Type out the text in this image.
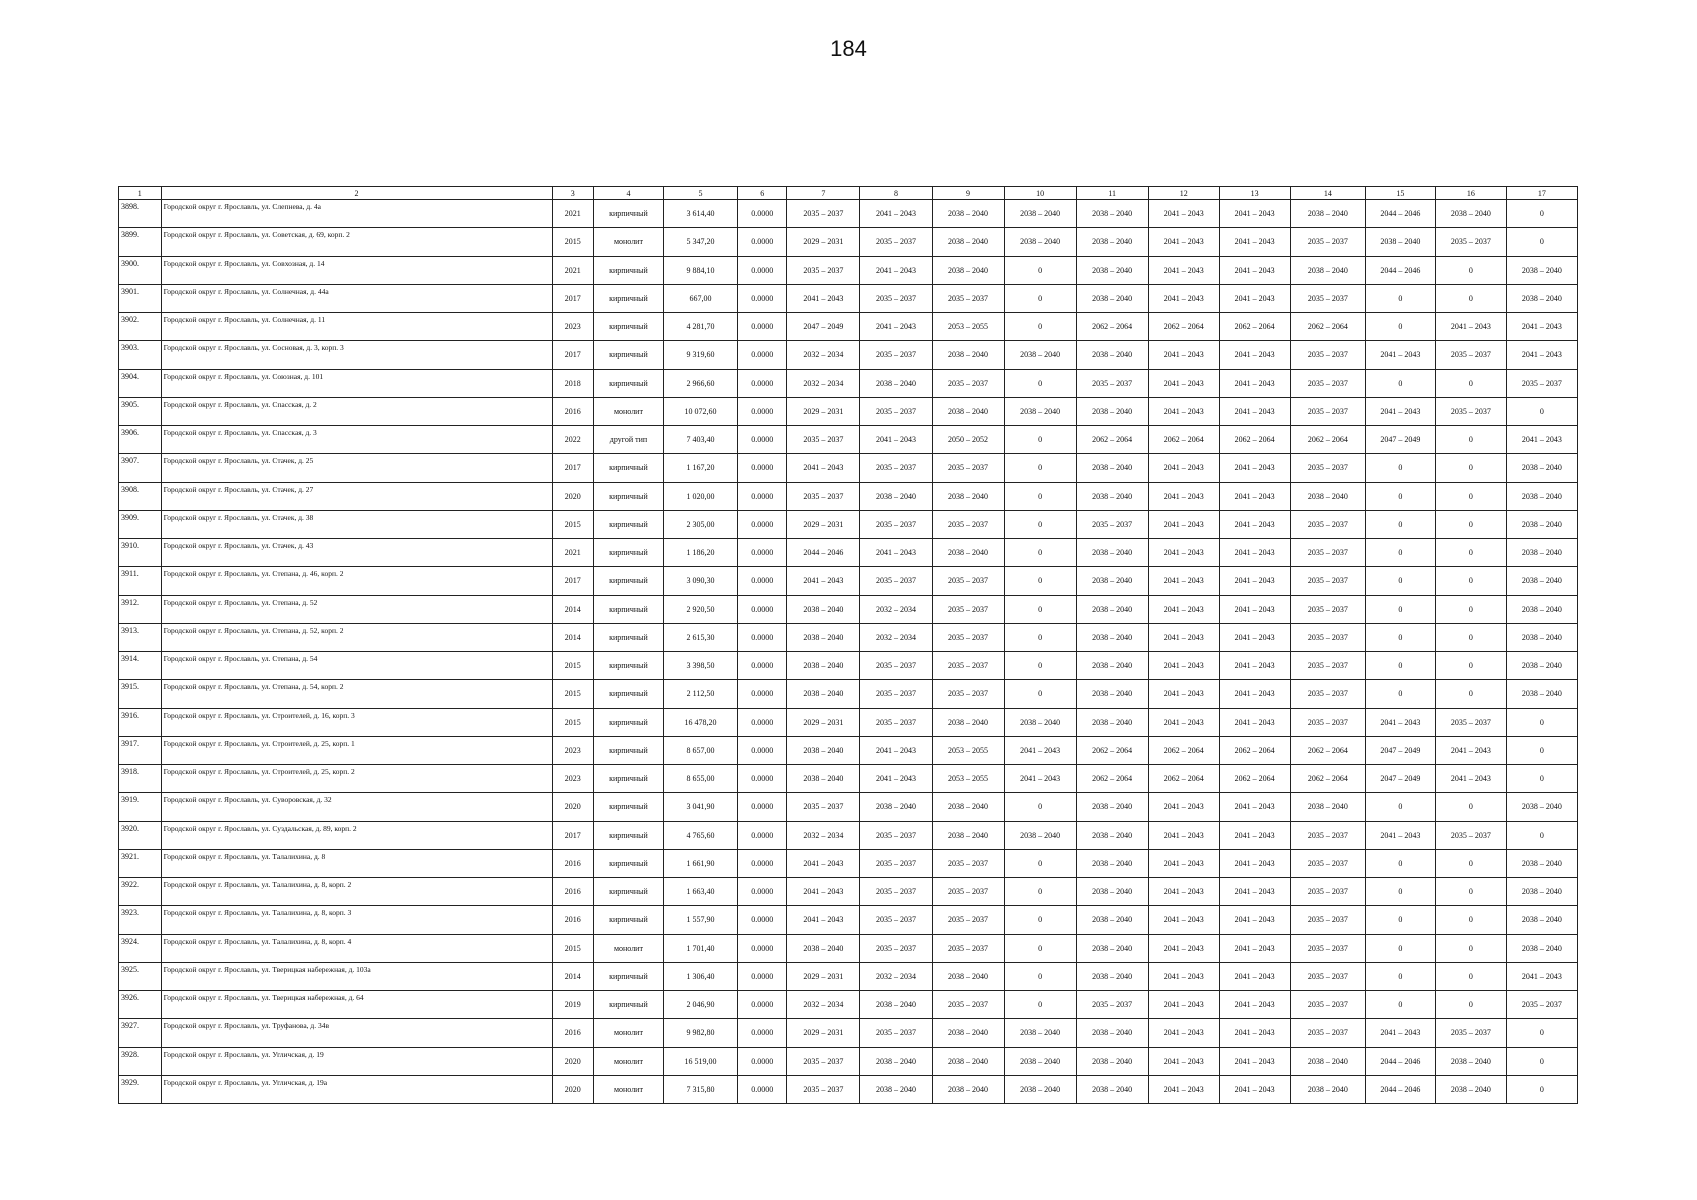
184
1	2	3	4	5	6	7	8	9	10	11	12	13	14	15	16	17
3898.	Городской округ г. Ярославль, ул. Слепнева, д. 4а	2021	кирпичный	3 614,40	0.0000	2035 – 2037	2041 – 2043	2038 – 2040	2038 – 2040	2038 – 2040	2041 – 2043	2041 – 2043	2038 – 2040	2044 – 2046	2038 – 2040	0
3899.	Городской округ г. Ярославль, ул. Советская, д. 69, корп. 2	2015	монолит	5 347,20	0.0000	2029 – 2031	2035 – 2037	2038 – 2040	2038 – 2040	2038 – 2040	2041 – 2043	2041 – 2043	2035 – 2037	2038 – 2040	2035 – 2037	0
3900.	Городской округ г. Ярославль, ул. Совхозная, д. 14	2021	кирпичный	9 884,10	0.0000	2035 – 2037	2041 – 2043	2038 – 2040	0	2038 – 2040	2041 – 2043	2041 – 2043	2038 – 2040	2044 – 2046	0	2038 – 2040
3901.	Городской округ г. Ярославль, ул. Солнечная, д. 44а	2017	кирпичный	667,00	0.0000	2041 – 2043	2035 – 2037	2035 – 2037	0	2038 – 2040	2041 – 2043	2041 – 2043	2035 – 2037	0	0	2038 – 2040
3902.	Городской округ г. Ярославль, ул. Солнечная, д. 11	2023	кирпичный	4 281,70	0.0000	2047 – 2049	2041 – 2043	2053 – 2055	0	2062 – 2064	2062 – 2064	2062 – 2064	2062 – 2064	0	2041 – 2043	2041 – 2043
3903.	Городской округ г. Ярославль, ул. Сосновая, д. 3, корп. 3	2017	кирпичный	9 319,60	0.0000	2032 – 2034	2035 – 2037	2038 – 2040	2038 – 2040	2038 – 2040	2041 – 2043	2041 – 2043	2035 – 2037	2041 – 2043	2035 – 2037	2041 – 2043
3904.	Городской округ г. Ярославль, ул. Союзная, д. 101	2018	кирпичный	2 966,60	0.0000	2032 – 2034	2038 – 2040	2035 – 2037	0	2035 – 2037	2041 – 2043	2041 – 2043	2035 – 2037	0	0	2035 – 2037
3905.	Городской округ г. Ярославль, ул. Спасская, д. 2	2016	монолит	10 072,60	0.0000	2029 – 2031	2035 – 2037	2038 – 2040	2038 – 2040	2038 – 2040	2041 – 2043	2041 – 2043	2035 – 2037	2041 – 2043	2035 – 2037	0
3906.	Городской округ г. Ярославль, ул. Спасская, д. 3	2022	другой тип	7 403,40	0.0000	2035 – 2037	2041 – 2043	2050 – 2052	0	2062 – 2064	2062 – 2064	2062 – 2064	2062 – 2064	2047 – 2049	0	2041 – 2043
3907.	Городской округ г. Ярославль, ул. Стачек, д. 25	2017	кирпичный	1 167,20	0.0000	2041 – 2043	2035 – 2037	2035 – 2037	0	2038 – 2040	2041 – 2043	2041 – 2043	2035 – 2037	0	0	2038 – 2040
3908.	Городской округ г. Ярославль, ул. Стачек, д. 27	2020	кирпичный	1 020,00	0.0000	2035 – 2037	2038 – 2040	2038 – 2040	0	2038 – 2040	2041 – 2043	2041 – 2043	2038 – 2040	0	0	2038 – 2040
3909.	Городской округ г. Ярославль, ул. Стачек, д. 38	2015	кирпичный	2 305,00	0.0000	2029 – 2031	2035 – 2037	2035 – 2037	0	2035 – 2037	2041 – 2043	2041 – 2043	2035 – 2037	0	0	2038 – 2040
3910.	Городской округ г. Ярославль, ул. Стачек, д. 43	2021	кирпичный	1 186,20	0.0000	2044 – 2046	2041 – 2043	2038 – 2040	0	2038 – 2040	2041 – 2043	2041 – 2043	2035 – 2037	0	0	2038 – 2040
3911.	Городской округ г. Ярославль, ул. Степана, д. 46, корп. 2	2017	кирпичный	3 090,30	0.0000	2041 – 2043	2035 – 2037	2035 – 2037	0	2038 – 2040	2041 – 2043	2041 – 2043	2035 – 2037	0	0	2038 – 2040
3912.	Городской округ г. Ярославль, ул. Степана, д. 52	2014	кирпичный	2 920,50	0.0000	2038 – 2040	2032 – 2034	2035 – 2037	0	2038 – 2040	2041 – 2043	2041 – 2043	2035 – 2037	0	0	2038 – 2040
3913.	Городской округ г. Ярославль, ул. Степана, д. 52, корп. 2	2014	кирпичный	2 615,30	0.0000	2038 – 2040	2032 – 2034	2035 – 2037	0	2038 – 2040	2041 – 2043	2041 – 2043	2035 – 2037	0	0	2038 – 2040
3914.	Городской округ г. Ярославль, ул. Степана, д. 54	2015	кирпичный	3 398,50	0.0000	2038 – 2040	2035 – 2037	2035 – 2037	0	2038 – 2040	2041 – 2043	2041 – 2043	2035 – 2037	0	0	2038 – 2040
3915.	Городской округ г. Ярославль, ул. Степана, д. 54, корп. 2	2015	кирпичный	2 112,50	0.0000	2038 – 2040	2035 – 2037	2035 – 2037	0	2038 – 2040	2041 – 2043	2041 – 2043	2035 – 2037	0	0	2038 – 2040
3916.	Городской округ г. Ярославль, ул. Строителей, д. 16, корп. 3	2015	кирпичный	16 478,20	0.0000	2029 – 2031	2035 – 2037	2038 – 2040	2038 – 2040	2038 – 2040	2041 – 2043	2041 – 2043	2035 – 2037	2041 – 2043	2035 – 2037	0
3917.	Городской округ г. Ярославль, ул. Строителей, д. 25, корп. 1	2023	кирпичный	8 657,00	0.0000	2038 – 2040	2041 – 2043	2053 – 2055	2041 – 2043	2062 – 2064	2062 – 2064	2062 – 2064	2062 – 2064	2047 – 2049	2041 – 2043	0
3918.	Городской округ г. Ярославль, ул. Строителей, д. 25, корп. 2	2023	кирпичный	8 655,00	0.0000	2038 – 2040	2041 – 2043	2053 – 2055	2041 – 2043	2062 – 2064	2062 – 2064	2062 – 2064	2062 – 2064	2047 – 2049	2041 – 2043	0
3919.	Городской округ г. Ярославль, ул. Суворовская, д. 32	2020	кирпичный	3 041,90	0.0000	2035 – 2037	2038 – 2040	2038 – 2040	0	2038 – 2040	2041 – 2043	2041 – 2043	2038 – 2040	0	0	2038 – 2040
3920.	Городской округ г. Ярославль, ул. Суздальская, д. 89, корп. 2	2017	кирпичный	4 765,60	0.0000	2032 – 2034	2035 – 2037	2038 – 2040	2038 – 2040	2038 – 2040	2041 – 2043	2041 – 2043	2035 – 2037	2041 – 2043	2035 – 2037	0
3921.	Городской округ г. Ярославль, ул. Талалихина, д. 8	2016	кирпичный	1 661,90	0.0000	2041 – 2043	2035 – 2037	2035 – 2037	0	2038 – 2040	2041 – 2043	2041 – 2043	2035 – 2037	0	0	2038 – 2040
3922.	Городской округ г. Ярославль, ул. Талалихина, д. 8, корп. 2	2016	кирпичный	1 663,40	0.0000	2041 – 2043	2035 – 2037	2035 – 2037	0	2038 – 2040	2041 – 2043	2041 – 2043	2035 – 2037	0	0	2038 – 2040
3923.	Городской округ г. Ярославль, ул. Талалихина, д. 8, корп. 3	2016	кирпичный	1 557,90	0.0000	2041 – 2043	2035 – 2037	2035 – 2037	0	2038 – 2040	2041 – 2043	2041 – 2043	2035 – 2037	0	0	2038 – 2040
3924.	Городской округ г. Ярославль, ул. Талалихина, д. 8, корп. 4	2015	монолит	1 701,40	0.0000	2038 – 2040	2035 – 2037	2035 – 2037	0	2038 – 2040	2041 – 2043	2041 – 2043	2035 – 2037	0	0	2038 – 2040
3925.	Городской округ г. Ярославль, ул. Тверицкая набережная, д. 103а	2014	кирпичный	1 306,40	0.0000	2029 – 2031	2032 – 2034	2038 – 2040	0	2038 – 2040	2041 – 2043	2041 – 2043	2035 – 2037	0	0	2041 – 2043
3926.	Городской округ г. Ярославль, ул. Тверицкая набережная, д. 64	2019	кирпичный	2 046,90	0.0000	2032 – 2034	2038 – 2040	2035 – 2037	0	2035 – 2037	2041 – 2043	2041 – 2043	2035 – 2037	0	0	2035 – 2037
3927.	Городской округ г. Ярославль, ул. Труфанова, д. 34в	2016	монолит	9 982,80	0.0000	2029 – 2031	2035 – 2037	2038 – 2040	2038 – 2040	2038 – 2040	2041 – 2043	2041 – 2043	2035 – 2037	2041 – 2043	2035 – 2037	0
3928.	Городской округ г. Ярославль, ул. Угличская, д. 19	2020	монолит	16 519,00	0.0000	2035 – 2037	2038 – 2040	2038 – 2040	2038 – 2040	2038 – 2040	2041 – 2043	2041 – 2043	2038 – 2040	2044 – 2046	2038 – 2040	0
3929.	Городской округ г. Ярославль, ул. Угличская, д. 19а	2020	монолит	7 315,80	0.0000	2035 – 2037	2038 – 2040	2038 – 2040	2038 – 2040	2038 – 2040	2041 – 2043	2041 – 2043	2038 – 2040	2044 – 2046	2038 – 2040	0
